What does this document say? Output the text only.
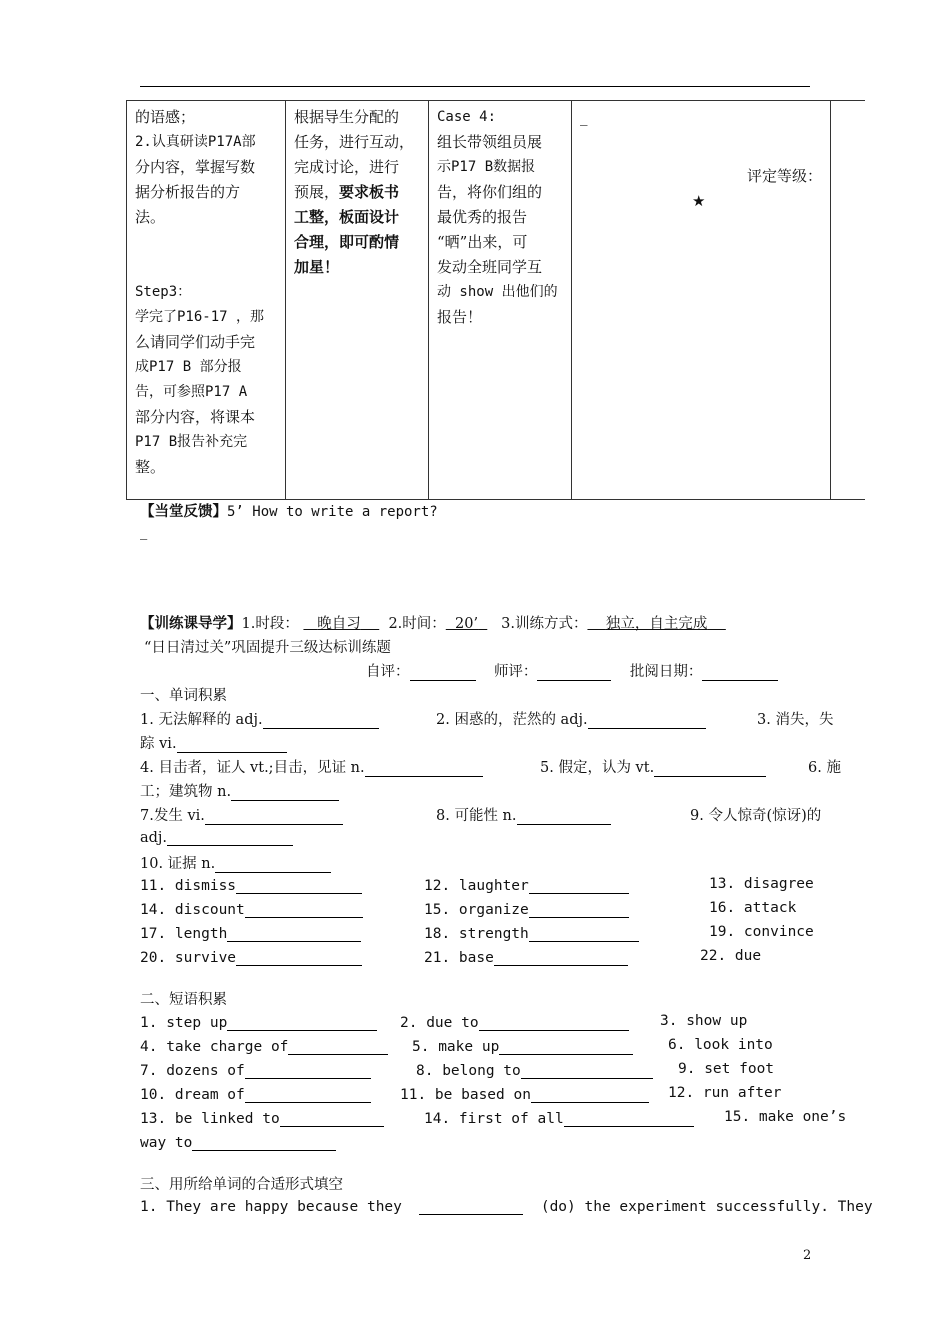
的语感；
2.认真研读P17A部
分内容，掌握写数
据分析报告的方
法。
Step3：
学完了P16-17 ，那
么请同学们动手完
成P17 B 部分报
告，可参照P17 A
部分内容，将课本
P17 B报告补充完
整。

根据导生分配的
任务，进行互动，
完成讨论，进行
预展，要求板书
工整，板面设计
合理，即可酌情
加星！

Case 4:
组长带领组员展
示P17 B数据报
告，将你们组的
最优秀的报告
“晒”出来，可
发动全班同学互
动 show 出他们的
报告！

_
评定等级：
★

【当堂反馈】5’ How to write a report?
_
【训练课导学】1.时段： 晚自习 2.时间： 20’ 3.训练方式： 独立，自主完成
“日日清过关”巩固提升三级达标训练题
自评：	师评：	批阅日期：
一、单词积累
1. 无法解释的 adj.	2. 困惑的，茫然的 adj.	3. 消失，失
踪 vi.
4. 目击者，证人 vt.;目击，见证 n.	5. 假定，认为 vt.	6. 施
工；建筑物 n.
7.发生 vi.	8. 可能性 n.	9. 令人惊奇(惊讶)的
adj.
10. 证据 n.
11. dismiss	12. laughter	13. disagree
14. discount	15. organize	16. attack
17. length	18. strength	19. convince
20. survive	21. base	22. due
二、短语积累
1. step up	2. due to	3. show up
4. take charge of	5. make up	6. look into
7. dozens of	8. belong to	9. set foot
10. dream of	11. be based on	12. run after
13. be linked to	14. first of all	15. make one’s
way to
三、用所给单词的合适形式填空
1. They are happy because they	(do) the experiment successfully. They
2
